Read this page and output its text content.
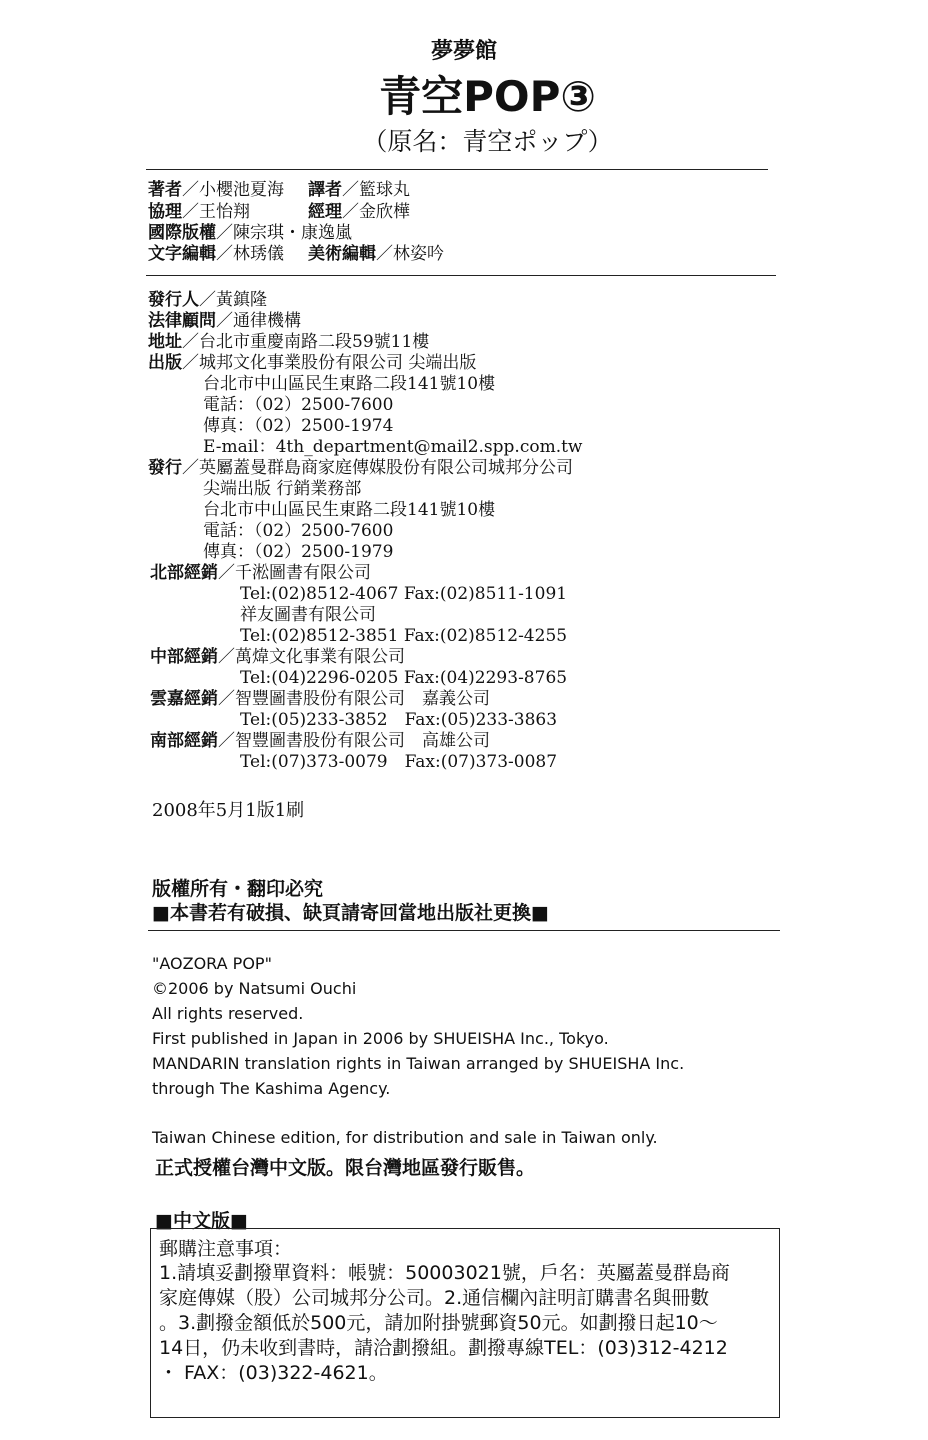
夢夢館
青空POP③
（原名：青空ポップ）
著者／小櫻池夏海 譯者／籃球丸
協理／王怡翔	經理／金欣樺
國際版權／陳宗琪・康逸嵐
文字編輯／林琇儀 美術編輯／林姿吟
發行人／黃鎮隆
法律顧問／通律機構
地址／台北市重慶南路二段59號11樓
出版／城邦文化事業股份有限公司 尖端出版
台北市中山區民生東路二段141號10樓
電話：（02）2500-7600
傳真：（02）2500-1974
E-mail：4th_department@mail2.spp.com.tw
發行／英屬蓋曼群島商家庭傳媒股份有限公司城邦分公司
尖端出版 行銷業務部
台北市中山區民生東路二段141號10樓
電話：（02）2500-7600
傳真：（02）2500-1979
北部經銷／千淞圖書有限公司
Tel:(02)8512-4067 Fax:(02)8511-1091
祥友圖書有限公司
Tel:(02)8512-3851 Fax:(02)8512-4255
中部經銷／萬煒文化事業有限公司
Tel:(04)2296-0205 Fax:(04)2293-8765
雲嘉經銷／智豐圖書股份有限公司　嘉義公司
Tel:(05)233-3852　Fax:(05)233-3863
南部經銷／智豐圖書股份有限公司　高雄公司
Tel:(07)373-0079　Fax:(07)373-0087
2008年5月1版1刷
版權所有・翻印必究
■本書若有破損、缺頁請寄回當地出版社更換■
"AOZORA POP"
©2006 by Natsumi Ouchi
All rights reserved.
First published in Japan in 2006 by SHUEISHA Inc., Tokyo.
MANDARIN translation rights in Taiwan arranged by SHUEISHA Inc.
through The Kashima Agency.
Taiwan Chinese edition, for distribution and sale in Taiwan only.
正式授權台灣中文版。限台灣地區發行販售。
■中文版■
郵購注意事項：
1.請填妥劃撥單資料：帳號：50003021號，戶名：英屬蓋曼群島商
家庭傳媒（股）公司城邦分公司。2.通信欄內註明訂購書名與冊數
。3.劃撥金額低於500元，請加附掛號郵資50元。如劃撥日起10～
14日，仍未收到書時，請洽劃撥組。劃撥專線TEL：(03)312-4212
・ FAX：(03)322-4621。
